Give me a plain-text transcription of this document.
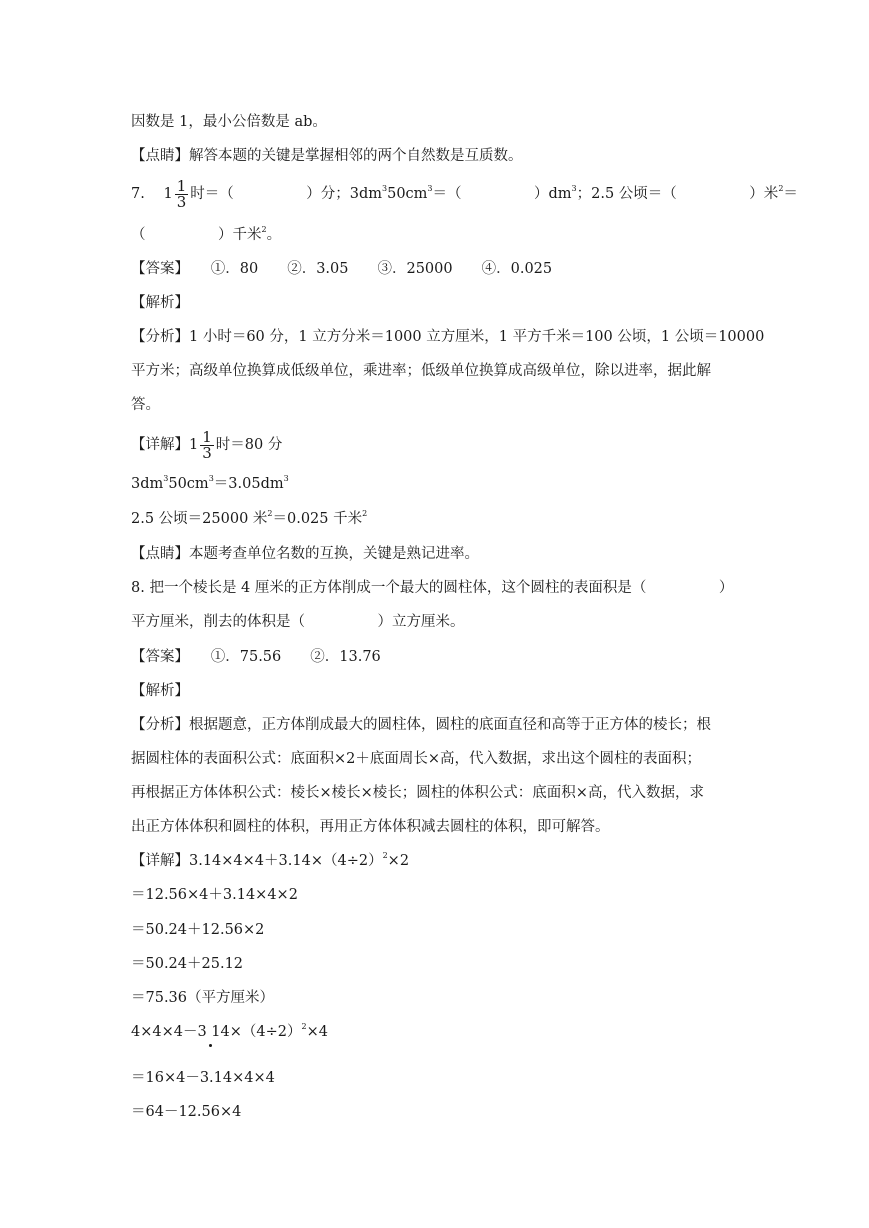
因数是 1，最小公倍数是 ab。
【点睛】解答本题的关键是掌握相邻的两个自然数是互质数。
7. $1 \frac{1}{3}$ 时＝（　　　　　）分；$3dm^350cm^3=$（　　　　　）$dm^3$；2.5 公顷＝（　　　　　）米$^2$＝
（　　　　　）千米$^2$。
【答案】　　①．80　　②．3.05　　③．25000　　④．0.025
【解析】
【分析】1 小时＝60 分，1 立方分米＝1000 立方厘米，1 平方千米＝100 公顷，1 公顷＝10000
平方米；高级单位换算成低级单位，乘进率；低级单位换算成高级单位，除以进率，据此解
答。
【详解】$1 \frac{1}{3}$ 时＝80 分
$3dm^350cm^3=3.05dm^3$
2.5 公顷＝25000 米$^2$＝0.025 千米$^2$
【点睛】本题考查单位名数的互换，关键是熟记进率。
8. 把一个棱长是 4 厘米的正方体削成一个最大的圆柱体，这个圆柱的表面积是（　　　　　）
平方厘米，削去的体积是（　　　　　）立方厘米。
【答案】　　①．75.56　　②．13.76
【解析】
【分析】根据题意，正方体削成最大的圆柱体，圆柱的底面直径和高等于正方体的棱长；根
据圆柱体的表面积公式：底面积×2＋底面周长×高，代入数据，求出这个圆柱的表面积；
再根据正方体体积公式：棱长×棱长×棱长；圆柱的体积公式：底面积×高，代入数据，求
出正方体体积和圆柱的体积，再用正方体体积减去圆柱的体积，即可解答。
【详解】$3.14\times 4\times 4+3.14\times(4\div 2)^2\times 2$
＝12.56×4＋3.14×4×2
＝50.24＋12.56×2
＝50.24＋25.12
＝75.36（平方厘米）
4×4×4－3 $14\times(4\div 2)^2\times 4$
＝16×4－3.14×4×4
＝64－12.56×4
